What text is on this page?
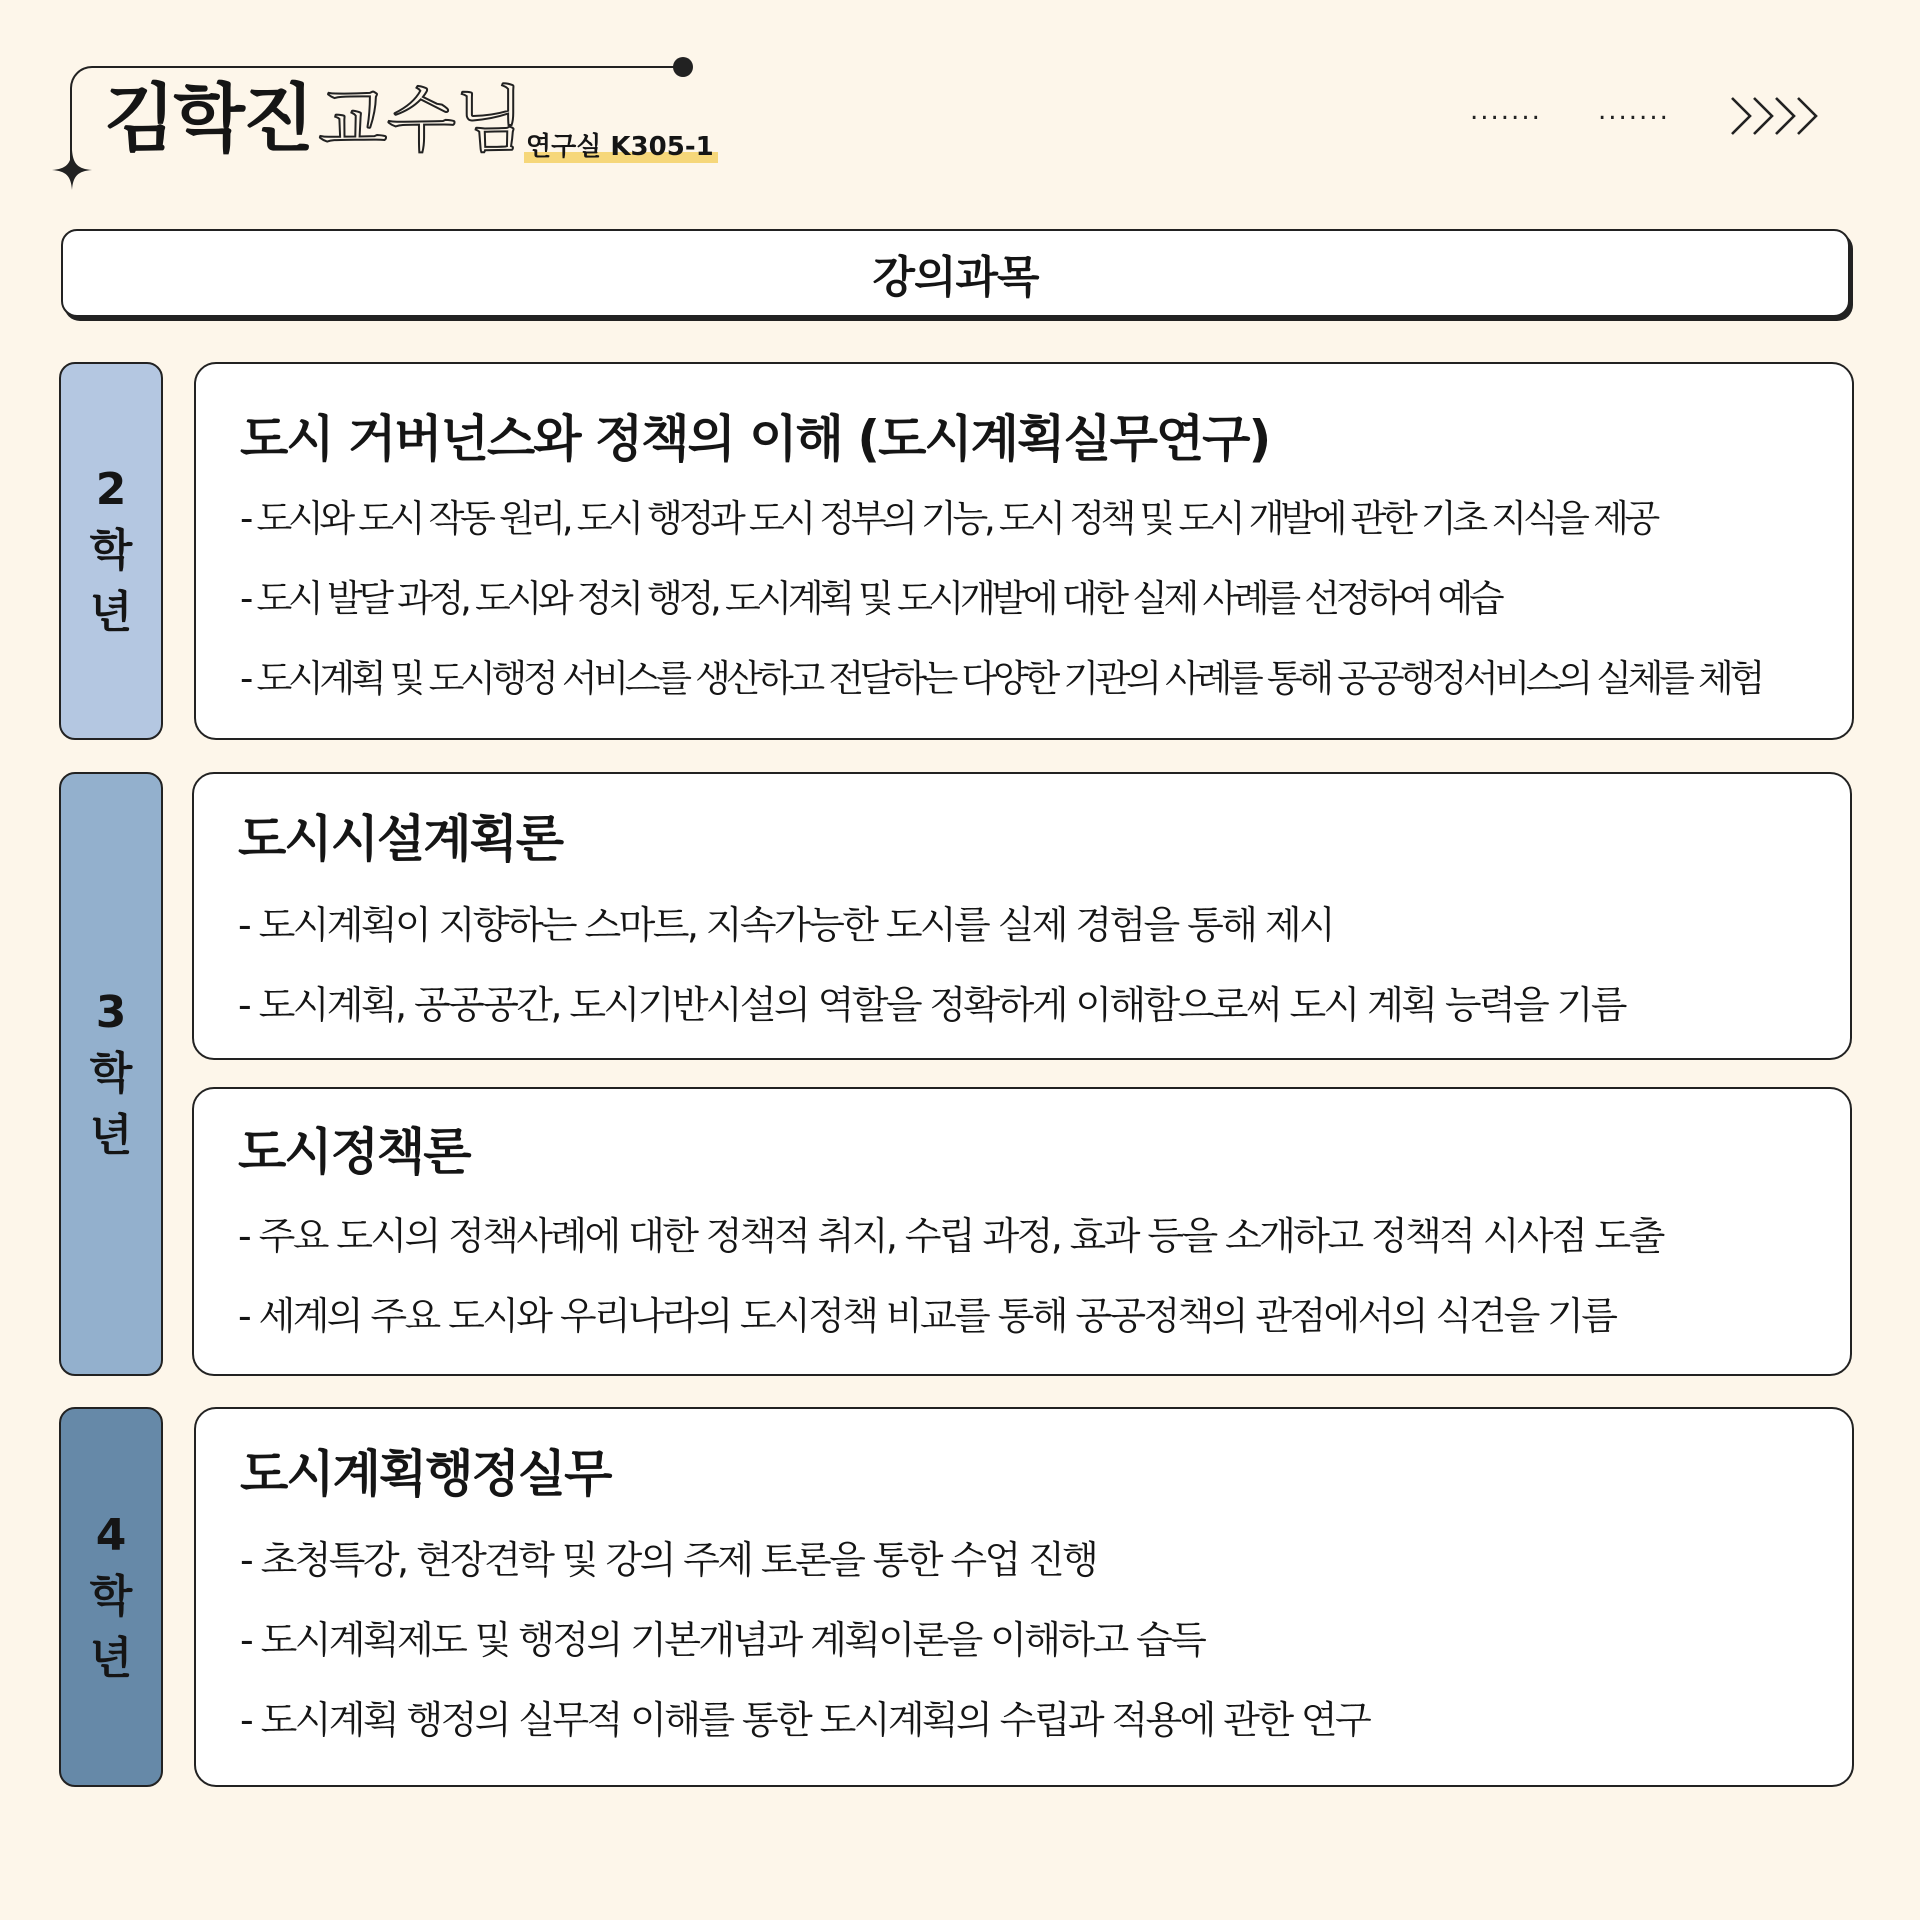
김학진 교수님 연구실 K305-1
....... .......
강의과목
2
학
년
3
학
년
4
학
년
도시 거버넌스와 정책의 이해 (도시계획실무연구)
- 도시와 도시 작동 원리, 도시 행정과 도시 정부의 기능, 도시 정책 및 도시 개발에 관한 기초 지식을 제공
- 도시 발달 과정, 도시와 정치 행정, 도시계획 및 도시개발에 대한 실제 사례를 선정하여 예습
- 도시계획 및 도시행정 서비스를 생산하고 전달하는 다양한 기관의 사례를 통해 공공행정서비스의 실체를 체험
도시시설계획론
- 도시계획이 지향하는 스마트, 지속가능한 도시를 실제 경험을 통해 제시
- 도시계획, 공공공간, 도시기반시설의 역할을 정확하게 이해함으로써 도시 계획 능력을 기름
도시정책론
- 주요 도시의 정책사례에 대한 정책적 취지, 수립 과정, 효과 등을 소개하고 정책적 시사점 도출
- 세계의 주요 도시와 우리나라의 도시정책 비교를 통해 공공정책의 관점에서의 식견을 기름
도시계획행정실무
- 초청특강, 현장견학 및 강의 주제 토론을 통한 수업 진행
- 도시계획제도 및 행정의 기본개념과 계획이론을 이해하고 습득
- 도시계획 행정의 실무적 이해를 통한 도시계획의 수립과 적용에 관한 연구
